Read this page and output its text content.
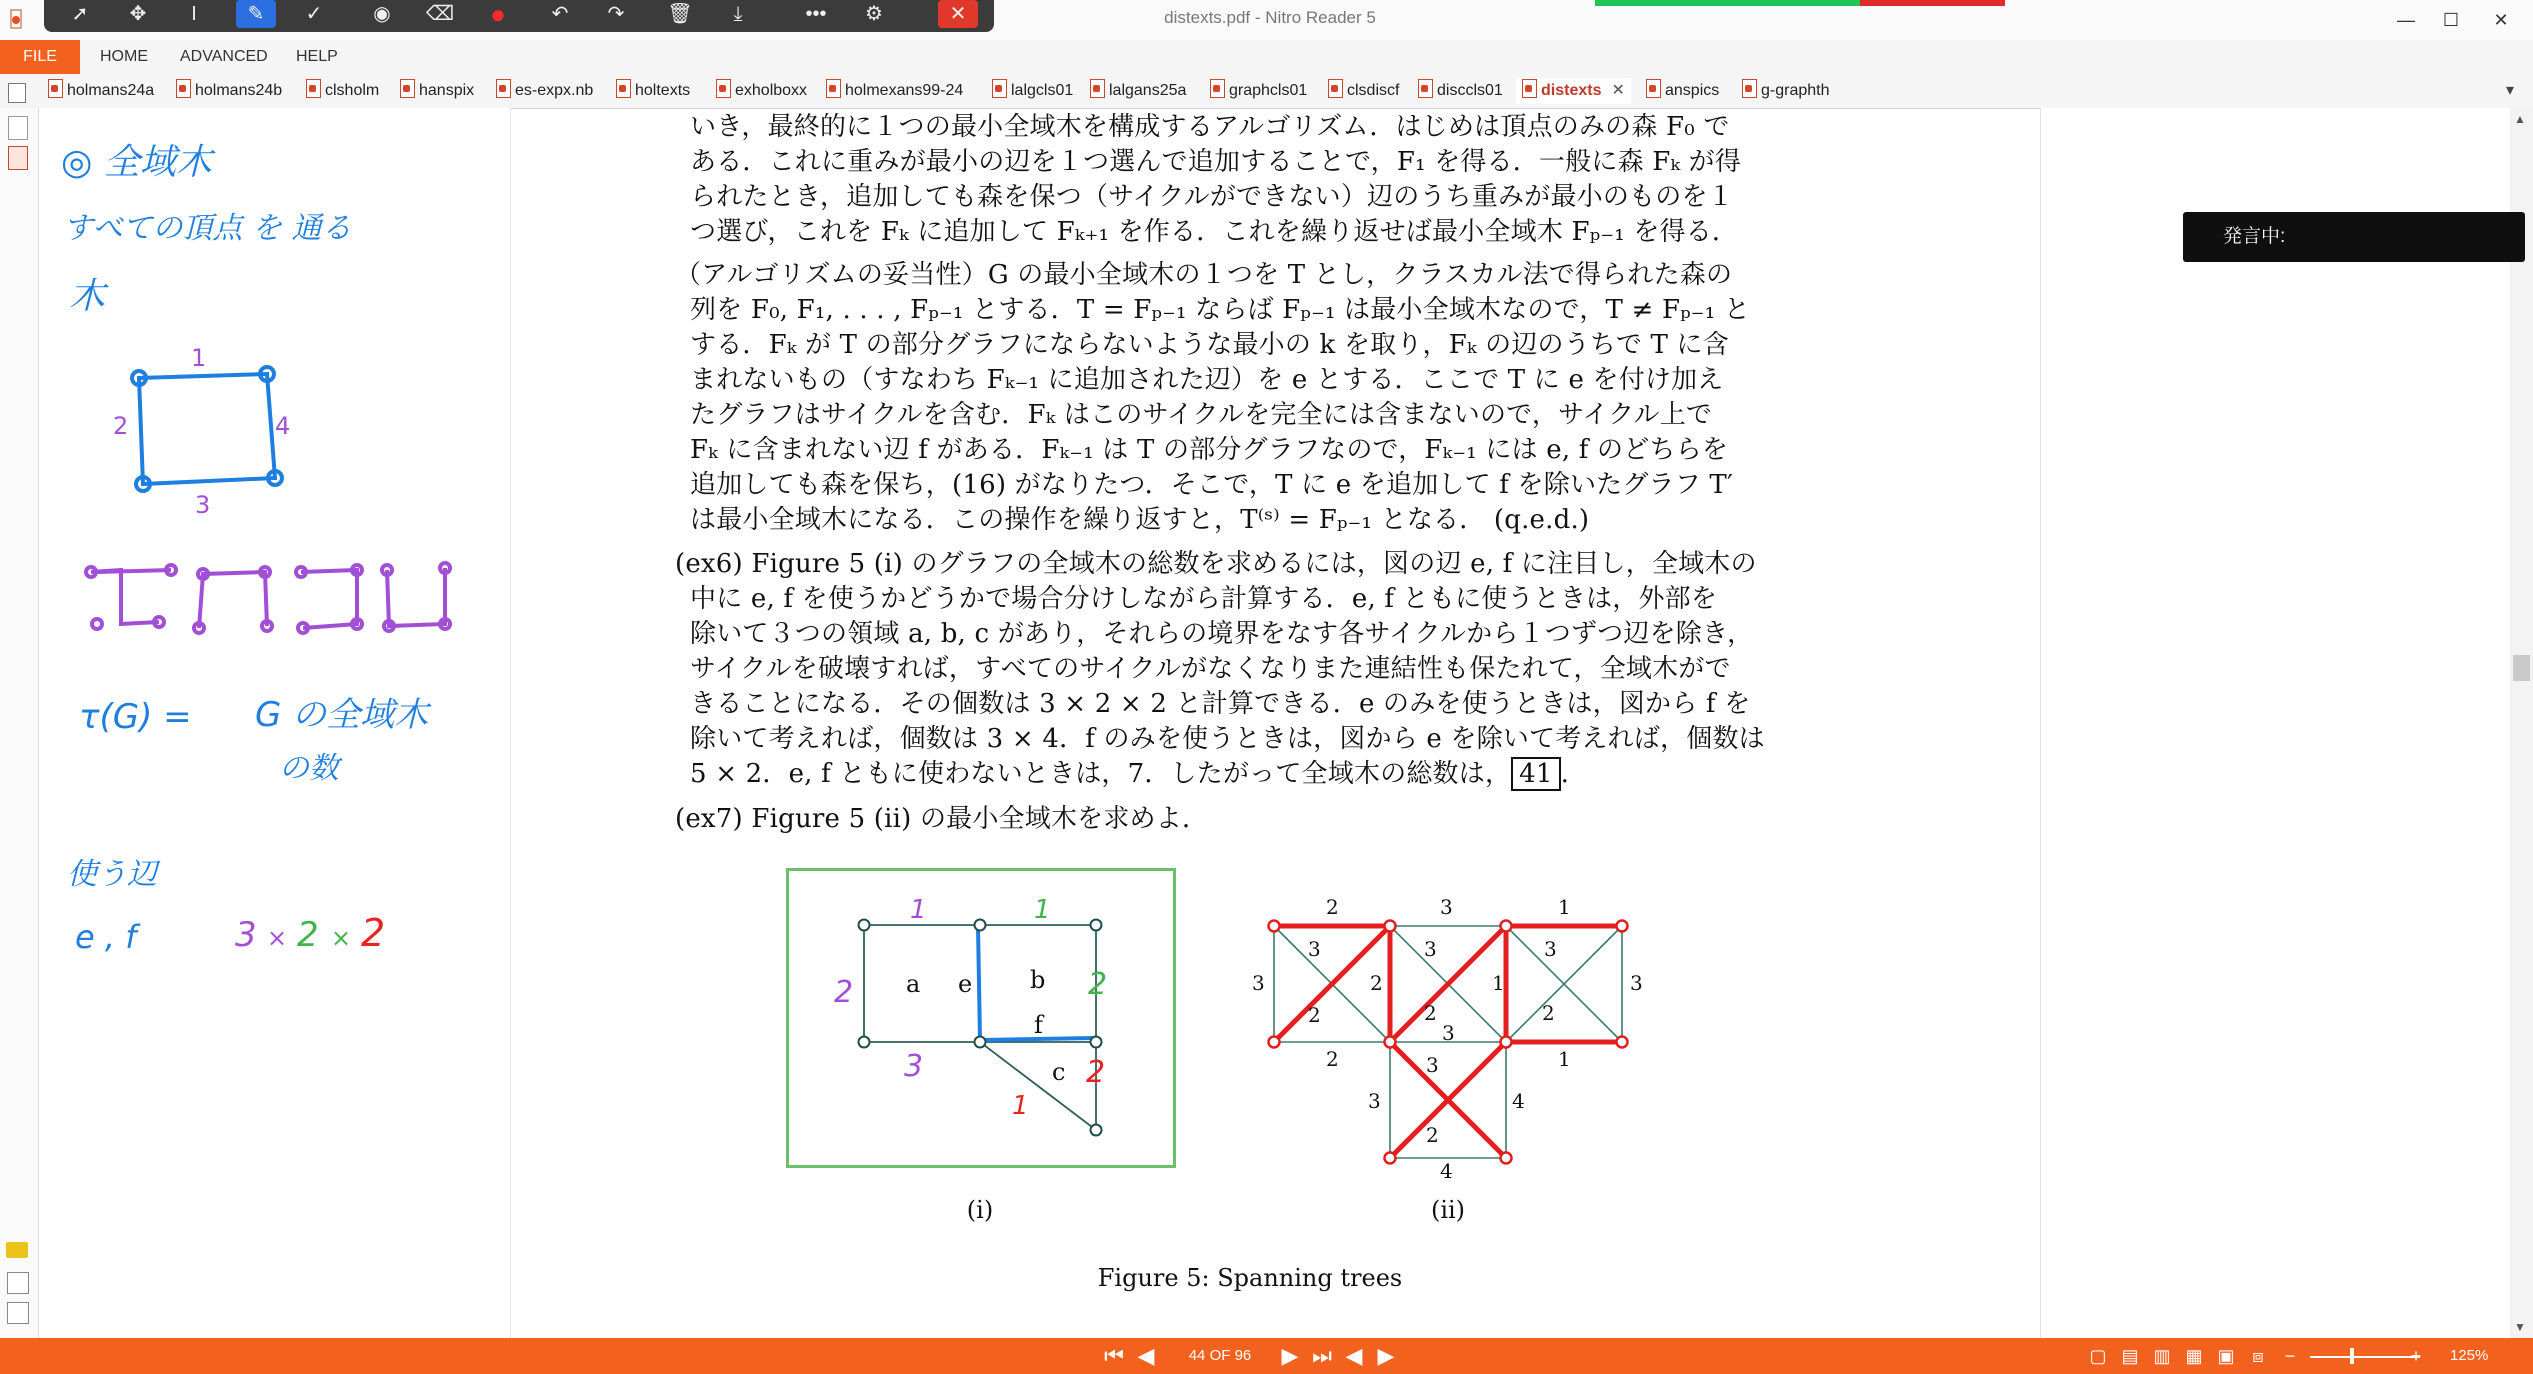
distexts.pdf - Nitro Reader 5	—	☐	✕
➚	✥	I	✎	✓	◉	⌫	●	↶	↷	🗑	⤓	•••	⚙	✕
FILE	HOME	ADVANCED	HELP
holmans24a	holmans24b	clsholm	hanspix	es-expx.nb	holtexts	exholboxx	holmexans99-24	lalgcls01	lalgans25a	graphcls01	clsdiscf	disccls01	distexts ✕	anspics	g-graphth	▾
▲
▼
発言中:
◎ 全域木
すべての頂点 を 通る
木
1
2
3
4
τ(G) = G の全域木
の数
使う辺
e , f	3 × 2 × 2
いき，最終的に１つの最小全域木を構成するアルゴリズム．はじめは頂点のみの森 F₀ で
ある．これに重みが最小の辺を１つ選んで追加することで，F₁ を得る．一般に森 Fₖ が得
られたとき，追加しても森を保つ（サイクルができない）辺のうち重みが最小のものを１
つ選び，これを Fₖ に追加して Fₖ₊₁ を作る．これを繰り返せば最小全域木 Fₚ₋₁ を得る．
（アルゴリズムの妥当性）G の最小全域木の１つを T とし，クラスカル法で得られた森の
列を F₀, F₁, . . . , Fₚ₋₁ とする．T = Fₚ₋₁ ならば Fₚ₋₁ は最小全域木なので，T ≠ Fₚ₋₁ と
する．Fₖ が T の部分グラフにならないような最小の k を取り，Fₖ の辺のうちで T に含
まれないもの（すなわち Fₖ₋₁ に追加された辺）を e とする．ここで T に e を付け加え
たグラフはサイクルを含む．Fₖ はこのサイクルを完全には含まないので，サイクル上で
Fₖ に含まれない辺 f がある．Fₖ₋₁ は T の部分グラフなので，Fₖ₋₁ には e, f のどちらを
追加しても森を保ち，(16) がなりたつ．そこで，T に e を追加して f を除いたグラフ T′
は最小全域木になる．この操作を繰り返すと，T⁽ˢ⁾ = Fₚ₋₁ となる． (q.e.d.)
(ex6) Figure 5 (i) のグラフの全域木の総数を求めるには，図の辺 e, f に注目し，全域木の
中に e, f を使うかどうかで場合分けしながら計算する．e, f ともに使うときは，外部を
除いて３つの領域 a, b, c があり，それらの境界をなす各サイクルから１つずつ辺を除き，
サイクルを破壊すれば，すべてのサイクルがなくなりまた連結性も保たれて，全域木がで
きることになる．その個数は 3 × 2 × 2 と計算できる．e のみを使うときは，図から f を
除いて考えれば，個数は 3 × 4．f のみを使うときは，図から e を除いて考えれば，個数は
5 × 2．e, f ともに使わないときは，7．したがって全域木の総数は， 41 .
(ex7) Figure 5 (ii) の最小全域木を求めよ．
a e b
f
c
1
2
3
1
2
1
2
(i)
2	3	1
3	3	3
2	1
3
2	2	2
3
3
2	1
3
3	4
2
4
(ii)
Figure 5: Spanning trees
⏮ ◀	44 OF 96	▶ ⏭ ◀ ▶	▢ ▤ ▥ ▦ ▣ ⧈	−	+	125%
